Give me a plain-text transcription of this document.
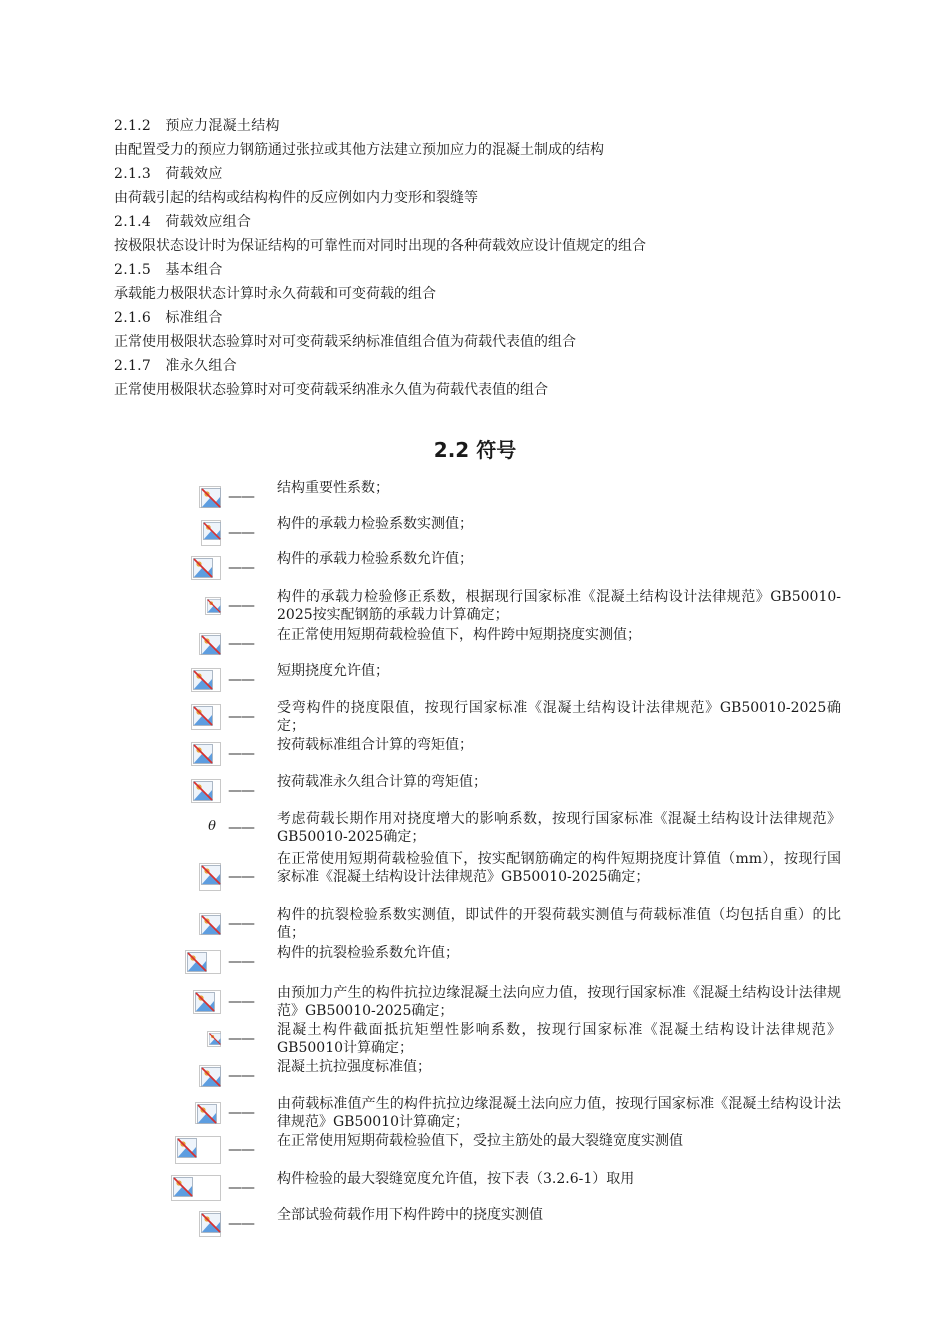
2.1.2　预应力混凝土结构
由配置受力的预应力钢筋通过张拉或其他方法建立预加应力的混凝土制成的结构
2.1.3　荷载效应
由荷载引起的结构或结构构件的反应例如内力变形和裂缝等
2.1.4　荷载效应组合
按极限状态设计时为保证结构的可靠性而对同时出现的各种荷载效应设计值规定的组合
2.1.5　基本组合
承载能力极限状态计算时永久荷载和可变荷载的组合
2.1.6　标准组合
正常使用极限状态验算时对可变荷载采纳标准值组合值为荷载代表值的组合
2.1.7　准永久组合
正常使用极限状态验算时对可变荷载采纳准永久值为荷载代表值的组合
2.2 符号
——
结构重要性系数；
——
构件的承载力检验系数实测值；
——
构件的承载力检验系数允许值；
——
构件的承载力检验修正系数，根据现行国家标准《混凝土结构设计法律规范》GB50010-2025按实配钢筋的承载力计算确定；
——
在正常使用短期荷载检验值下，构件跨中短期挠度实测值；
——
短期挠度允许值；
——
受弯构件的挠度限值，按现行国家标准《混凝土结构设计法律规范》GB50010-2025确定；
——
按荷载标准组合计算的弯矩值；
——
按荷载准永久组合计算的弯矩值；
θ ——
考虑荷载长期作用对挠度增大的影响系数，按现行国家标准《混凝土结构设计法律规范》GB50010-2025确定；
——
在正常使用短期荷载检验值下，按实配钢筋确定的构件短期挠度计算值（mm），按现行国家标准《混凝土结构设计法律规范》GB50010-2025确定；
——
构件的抗裂检验系数实测值，即试件的开裂荷载实测值与荷载标准值（均包括自重）的比值；
——
构件的抗裂检验系数允许值；
——
由预加力产生的构件抗拉边缘混凝土法向应力值，按现行国家标准《混凝土结构设计法律规范》GB50010-2025确定；
——
混凝土构件截面抵抗矩塑性影响系数，按现行国家标准《混凝土结构设计法律规范》GB50010计算确定；
——
混凝土抗拉强度标准值；
——
由荷载标准值产生的构件抗拉边缘混凝土法向应力值，按现行国家标准《混凝土结构设计法律规范》GB50010计算确定；
——
在正常使用短期荷载检验值下，受拉主筋处的最大裂缝宽度实测值
——
构件检验的最大裂缝宽度允许值，按下表（3.2.6-1）取用
——
全部试验荷载作用下构件跨中的挠度实测值
